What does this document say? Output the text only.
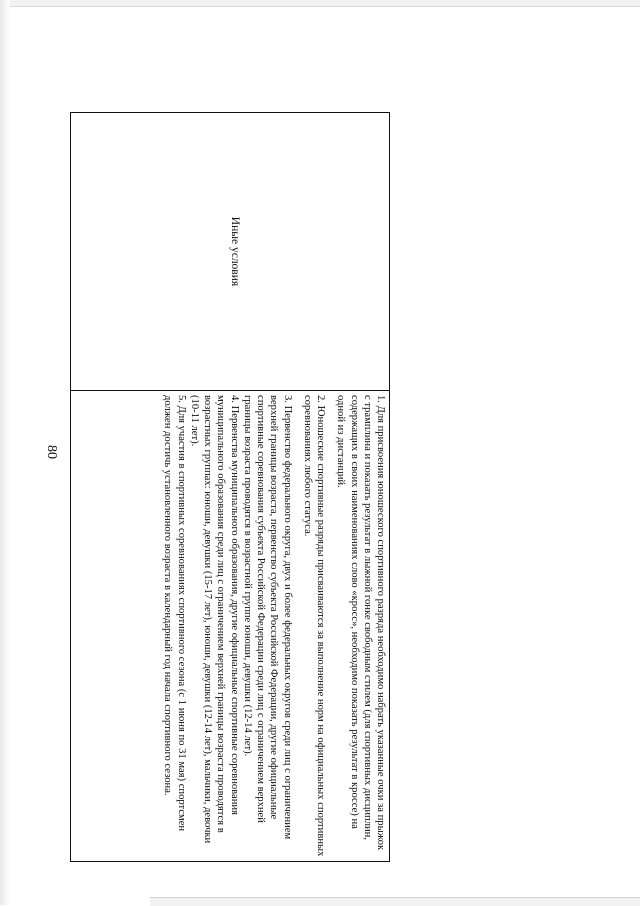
80
Иные условия

1. Для присвоения юношеского спортивного разряда необходимо набрать указанные очки за прыжок с трамплина и показать результат в лыжной гонке свободным стилем (для спортивных дисциплин, содержащих в своих наименованиях слово «кросс», необходимо показать результат в кроссе) на одной из дистанций.

2. Юношеские спортивные разряды присваиваются за выполнение норм на официальных спортивных соревнованиях любого статуса.

3. Первенство федерального округа, двух и более федеральных округов среди лиц с ограничением верхней границы возраста, первенство субъекта Российской Федерации, другие официальные спортивные соревнования субъекта Российской Федерации среди лиц с ограничением верхней границы возраста проводятся в возрастной группе юноши, девушки (12-14 лет).

4. Первенства муниципального образования, другие официальные спортивные соревнования муниципального образования среди лиц с ограничением верхней границы возраста проводятся в возрастных группах: юноши, девушки (15-17 лет), юноши, девушки (12-14 лет), мальчики, девочки (10-11 лет).

5. Для участия в спортивных соревнованиях спортивного сезона (с 1 июня по 31 мая) спортсмен должен достичь установленного возраста в календарный год начала спортивного сезона.
